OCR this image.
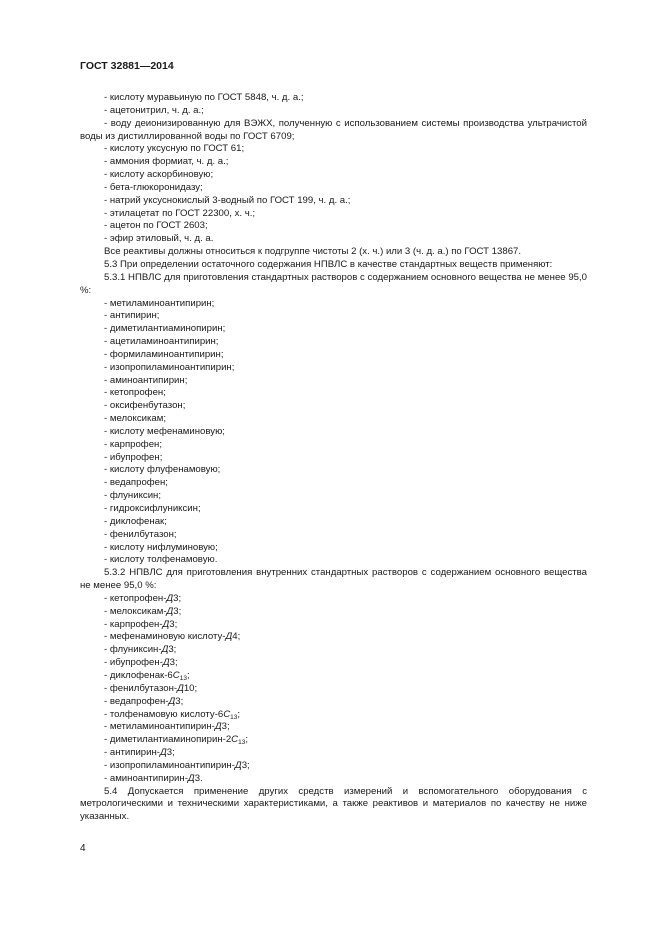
ГОСТ 32881—2014
- кислоту муравьиную по ГОСТ 5848, ч. д. а.;
- ацетонитрил, ч. д. а.;

- воду деионизированную для ВЭЖХ, полученную с использованием системы производства ультрачистой воды из дистиллированной воды по ГОСТ 6709;

- кислоту уксусную по ГОСТ 61;
- аммония формиат, ч. д. а.;
- кислоту аскорбиновую;
- бета-глюкоронидазу;
- натрий уксуснокислый 3-водный по ГОСТ 199, ч. д. а.;
- этилацетат по ГОСТ 22300, х. ч.;
- ацетон по ГОСТ 2603;
- эфир этиловый, ч. д. а.

Все реактивы должны относиться к подгруппе чистоты 2 (х. ч.) или 3 (ч. д. а.) по ГОСТ 13867.

5.3 При определении остаточного содержания НПВЛС в качестве стандартных веществ применяют:

5.3.1 НПВЛС для приготовления стандартных растворов с содержанием основного вещества не менее 95,0 %:

- метиламиноантипирин;
- антипирин;
- диметилантиаминопирин;
- ацетиламиноантипирин;
- формиламиноантипирин;
- изопропиламиноантипирин;
- аминоантипирин;
- кетопрофен;
- оксифенбутазон;
- мелоксикам;
- кислоту мефенаминовую;
- карпрофен;
- ибупрофен;
- кислоту флуфенамовую;
- ведапрофен;
- флуниксин;
- гидроксифлуниксин;
- диклофенак;
- фенилбутазон;
- кислоту нифлуминовую;
- кислоту толфенамовую.

5.3.2 НПВЛС для приготовления внутренних стандартных растворов с содержанием основного вещества не менее 95,0 %:

- кетопрофен-Д3;
- мелоксикам-Д3;
- карпрофен-Д3;
- мефенаминовую кислоту-Д4;
- флуниксин-Д3;
- ибупрофен-Д3;
- диклофенак-$6С_{13}$;
- фенилбутазон-Д10;
- ведапрофен-Д3;
- толфенамовую кислоту-$6С_{13}$;
- метиламиноантипирин-Д3;
- диметилантиаминопирин-$2С_{13}$;
- антипирин-Д3;
- изопропиламиноантипирин-Д3;
- аминоантипирин-Д3.

5.4 Допускается применение других средств измерений и вспомогательного оборудования с метрологическими и техническими характеристиками, а также реактивов и материалов по качеству не ниже указанных.

4
